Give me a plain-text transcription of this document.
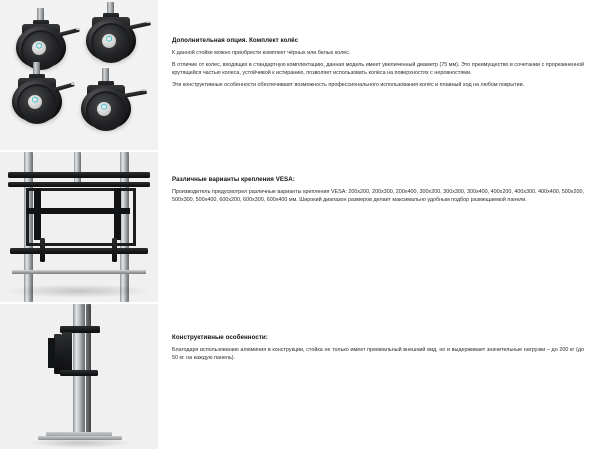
⬡
⬡
⬡
⬡
Дополнительная опция. Комплект колёс

К данной стойке можно приобрести комплект чёрных или белых колес.

В отличие от колес, входящих в стандартную комплектацию, данная модель имеет увеличенный диаметр (75 мм). Это преимущество в сочетании с прорезиненной крутящейся частью колеса, устойчивой к истиранию, позволяет использовать колёса на поверхностях с неровностями.

Эти конструктивные особенности обеспечивают возможность профессионального использования колёс и плавный ход на любом покрытии.

Различные варианты крепления VESA:

Производитель предусмотрел различные варианты крепления VESA: 200x200, 200x300, 200x400, 300x200, 300x300, 300x400, 400x200, 400x300, 400x400, 500x200, 500x300, 500x400, 600x200, 600x300, 600x400 мм. Широкий диапазон размеров делает максимально удобным подбор размещаемой панели.

Конструктивные особенности:

Благодаря использованию алюминия в конструкции, стойка не только имеет премиальный внешний вид, но и выдерживает значительные нагрузки – до 200 кг (до 50 кг. на каждую панель).
